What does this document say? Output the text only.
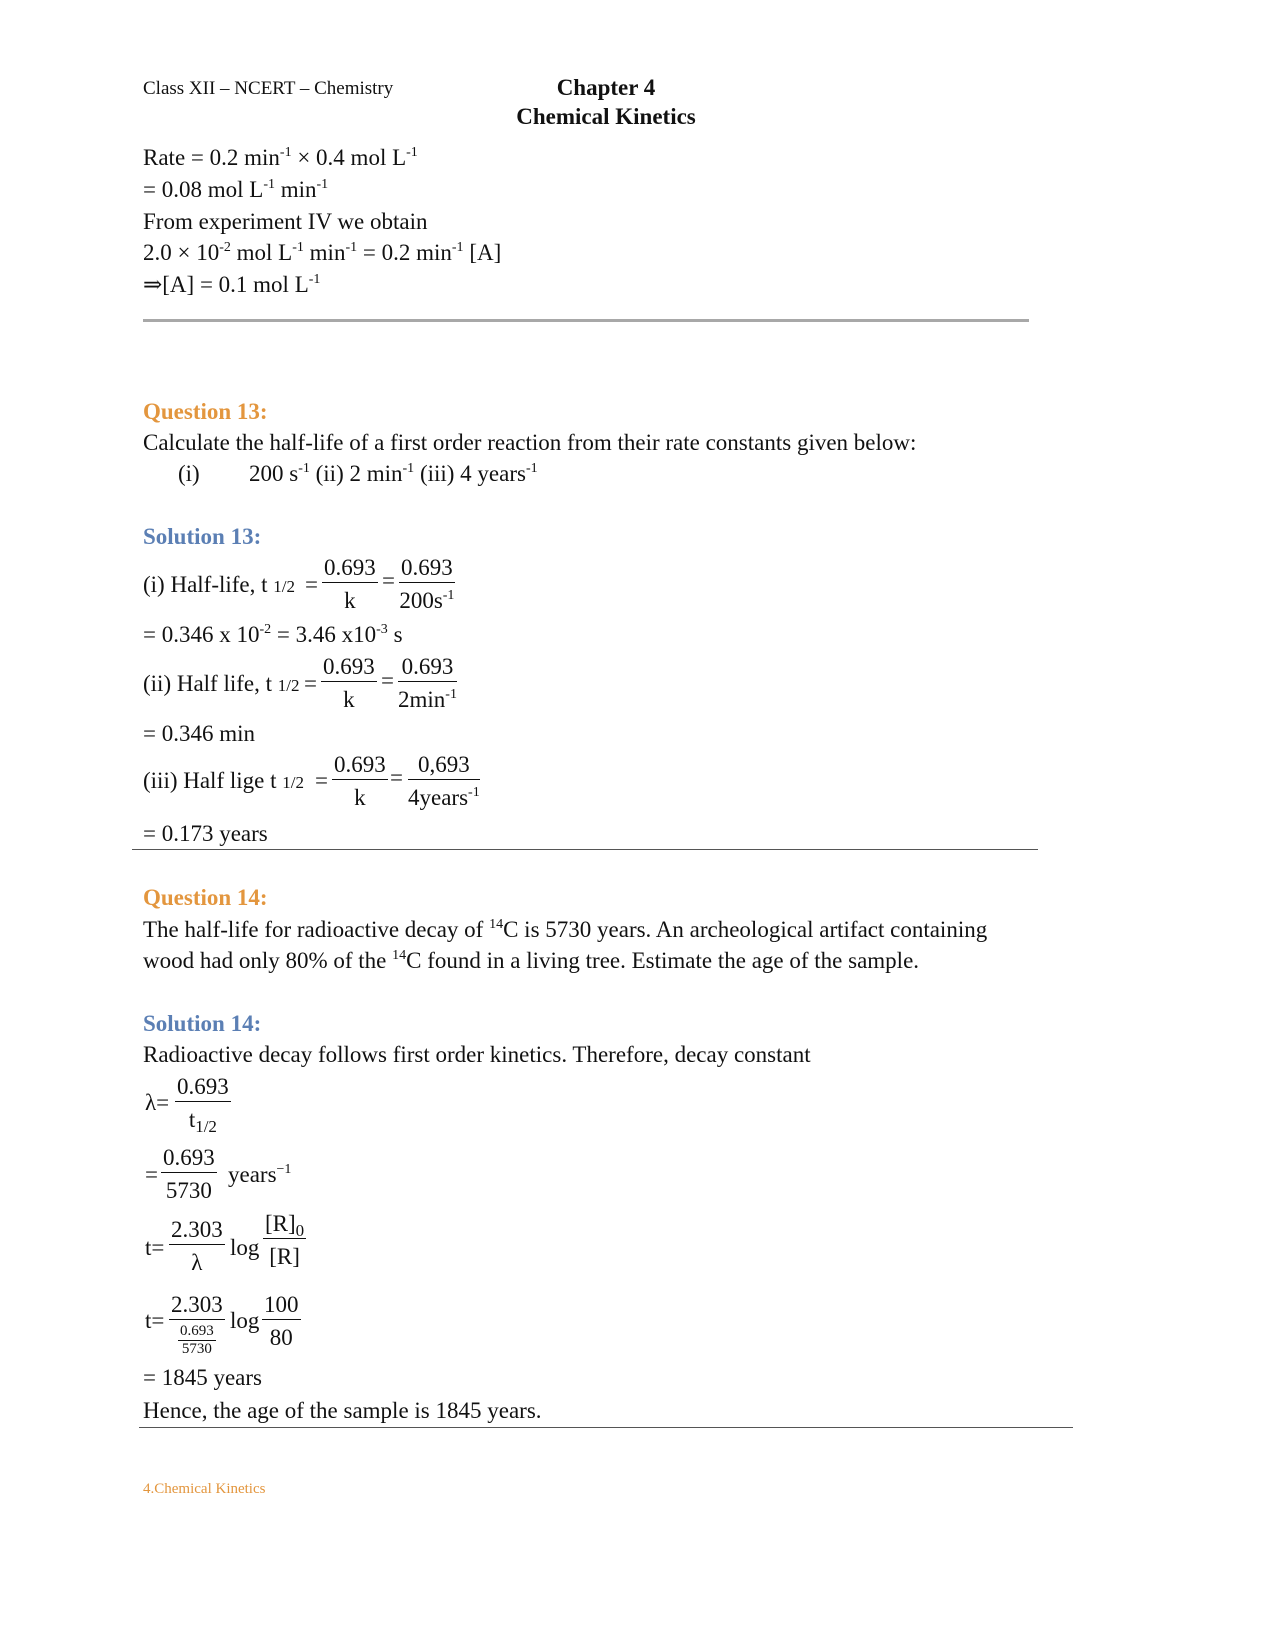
Class XII – NCERT – Chemistry	Chapter 4
Chemical Kinetics
Rate = 0.2 $\min^{-1} \times 0.4$ mol $L^{-1}$
= 0.08 mol $L^{-1}$ $\min^{-1}$
From experiment IV we obtain
$2.0 \times 10^{-2}$ mol $L^{-1}$ $\min^{-1} = 0.2$ $\min^{-1} [A]$
⇒[A] = 0.1 mol $L^{-1}$
Question 13:
Calculate the half-life of a first order reaction from their rate constants given below:
(i) 200 $s^{-1}$ (ii) 2 $\min^{-1} (iii)$ 4 years$^{-1}$
Solution 13:
(i) Half-life, t $1/2 = \frac{0.693}{k} = \frac{0.693}{200s^{-1}}$
= 0.346 x $10^{-2} = 3.46$ $x10^{-3}$ s
(ii) Half life, t $1/2 = \frac{0.693}{k}$ =
0.693
$2\min^{-1}$
= 0.346 min
(iii) Half lige t $1/2 = \frac{0.693}{k}$ =
0,693
4years$^{-1}$
= 0.173 years
Question 14:
The half-life for radioactive decay of $^{14}$C is 5730 years. An archeological artifact containing
wood had only 80% of the $^{14}$C found in a living tree. Estimate the age of the sample.
Solution 14:
Radioactive decay follows first order kinetics. Therefore, decay constant
$\lambda= \frac{0.693}{t_{1/2}}$
= $\frac{0.693}{5730}$ years$^{-1}$
$t= \frac{2.303}{\lambda}$ $\log \frac{[R]_0}{[R]}$
t=
2.303
$\frac{0.693}{5730}$
$\log \frac{100}{80}$
= 1845 years
Hence, the age of the sample is 1845 years.
4.Chemical Kinetics
